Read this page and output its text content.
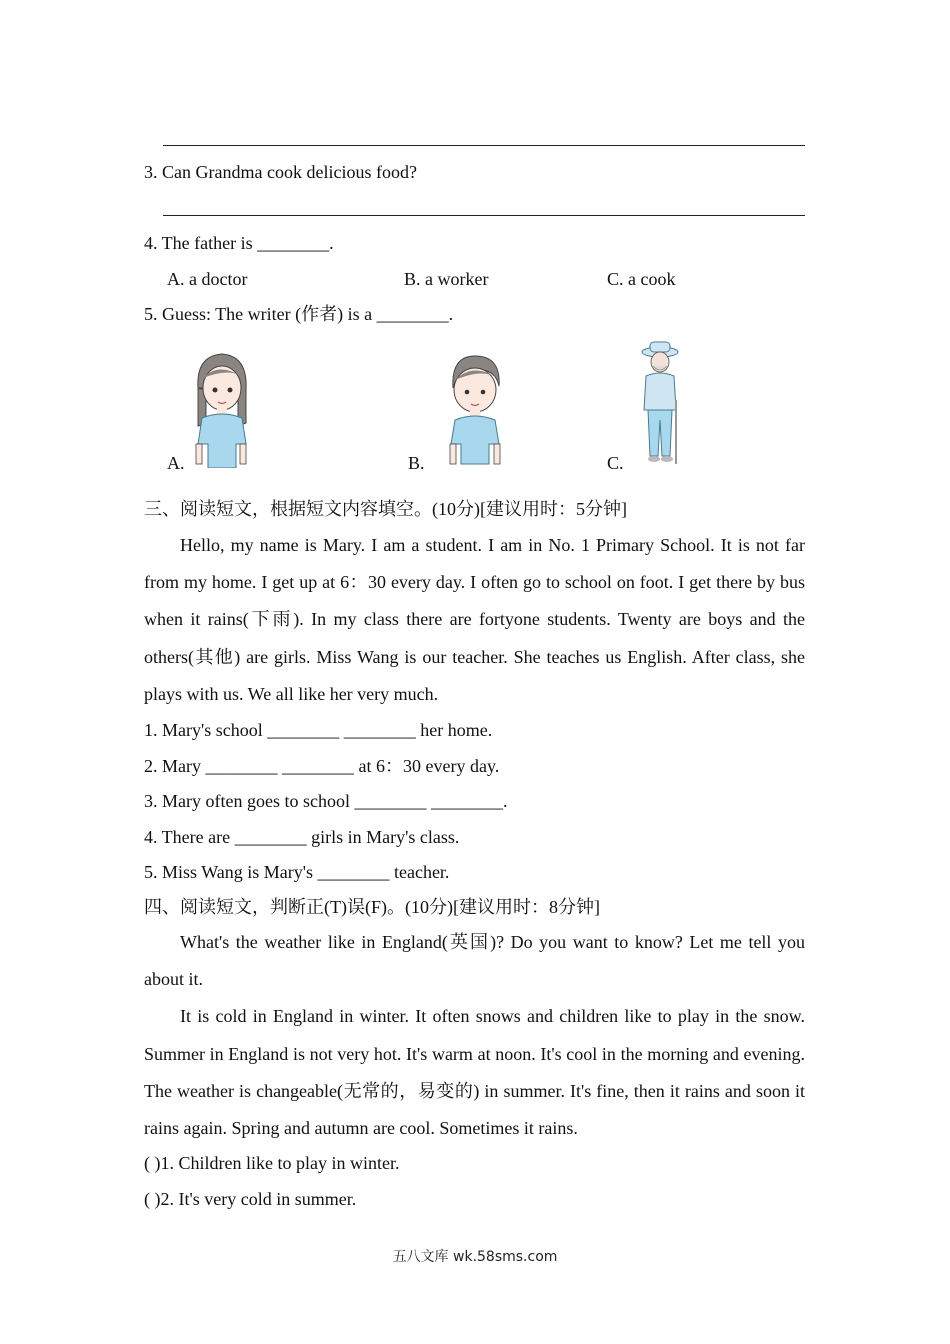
3. Can Grandma cook delicious food?
4. The father is ________.
A. a doctor	B. a worker	C. a cook
5. Guess: The writer (作者) is a ________.
A.	B.	C.
三、阅读短文，根据短文内容填空。(10分)[建议用时：5分钟]

Hello, my name is Mary. I am a student. I am in No. 1 Primary School. It is not far from my home. I get up at 6：30 every day. I often go to school on foot. I get there by bus when it rains(下雨). In my class there are fortyone students. Twenty are boys and the others(其他) are girls. Miss Wang is our teacher. She teaches us English. After class, she plays with us. We all like her very much.

1. Mary's school ________ ________ her home.
2. Mary ________ ________ at 6：30 every day.
3. Mary often goes to school ________ ________.
4. There are ________ girls in Mary's class.
5. Miss Wang is Mary's ________ teacher.
四、阅读短文，判断正(T)误(F)。(10分)[建议用时：8分钟]

What's the weather like in England(英国)? Do you want to know? Let me tell you about it.

It is cold in England in winter. It often snows and children like to play in the snow. Summer in England is not very hot. It's warm at noon. It's cool in the morning and evening. The weather is changeable(无常的，易变的) in summer. It's fine, then it rains and soon it rains again. Spring and autumn are cool. Sometimes it rains.

( )1. Children like to play in winter.
( )2. It's very cold in summer.
五八文库 wk.58sms.com
